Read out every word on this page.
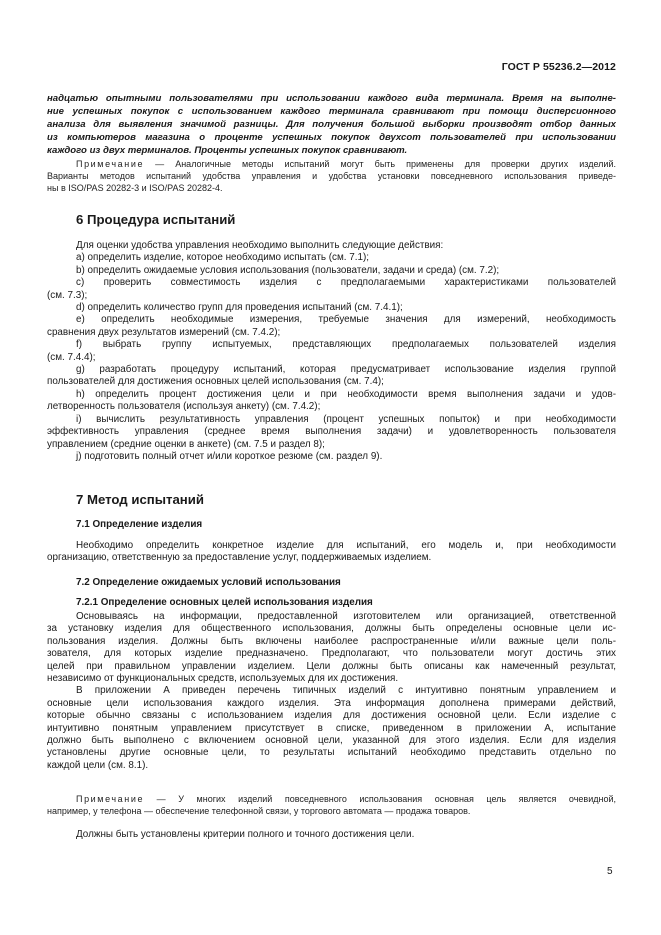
ГОСТ Р 55236.2—2012
надцатью опытными пользователями при использовании каждого вида терминала. Время на выполне-
ние успешных покупок с использованием каждого терминала сравнивают при помощи дисперсионного
анализа для выявления значимой разницы. Для получения большой выборки производят отбор данных
из компьютеров магазина о проценте успешных покупок двухсот пользователей при использовании
каждого из двух терминалов. Проценты успешных покупок сравнивают.
Примечание — Аналогичные методы испытаний могут быть применены для проверки других изделий.
Варианты методов испытаний удобства управления и удобства установки повседневного использования приведе-
ны в ISO/PAS 20282-3 и ISO/PAS 20282-4.
6 Процедура испытаний
Для оценки удобства управления необходимо выполнить следующие действия:
a) определить изделие, которое необходимо испытать (см. 7.1);
b) определить ожидаемые условия использования (пользователи, задачи и среда) (см. 7.2);
c) проверить совместимость изделия с предполагаемыми характеристиками пользователей
(см. 7.3);
d) определить количество групп для проведения испытаний (см. 7.4.1);
e) определить необходимые измерения, требуемые значения для измерений, необходимость
сравнения двух результатов измерений (см. 7.4.2);
f) выбрать группу испытуемых, представляющих предполагаемых пользователей изделия
(см. 7.4.4);
g) разработать процедуру испытаний, которая предусматривает использование изделия группой
пользователей для достижения основных целей использования (см. 7.4);
h) определить процент достижения цели и при необходимости время выполнения задачи и удов-
летворенность пользователя (используя анкету) (см. 7.4.2);
i) вычислить результативность управления (процент успешных попыток) и при необходимости
эффективность управления (среднее время выполнения задачи) и удовлетворенность пользователя
управлением (средние оценки в анкете) (см. 7.5 и раздел 8);
j) подготовить полный отчет и/или короткое резюме (см. раздел 9).
7 Метод испытаний
7.1 Определение изделия
Необходимо определить конкретное изделие для испытаний, его модель и, при необходимости
организацию, ответственную за предоставление услуг, поддерживаемых изделием.
7.2 Определение ожидаемых условий использования
7.2.1 Определение основных целей использования изделия
Основываясь на информации, предоставленной изготовителем или организацией, ответственной
за установку изделия для общественного использования, должны быть определены основные цели ис-
пользования изделия. Должны быть включены наиболее распространенные и/или важные цели поль-
зователя, для которых изделие предназначено. Предполагают, что пользователи могут достичь этих
целей при правильном управлении изделием. Цели должны быть описаны как намеченный результат,
независимо от функциональных средств, используемых для их достижения.
В приложении А приведен перечень типичных изделий с интуитивно понятным управлением и
основные цели использования каждого изделия. Эта информация дополнена примерами действий,
которые обычно связаны с использованием изделия для достижения основной цели. Если изделие с
интуитивно понятным управлением присутствует в списке, приведенном в приложении А, испытание
должно быть выполнено с включением основной цели, указанной для этого изделия. Если для изделия
установлены другие основные цели, то результаты испытаний необходимо представить отдельно по
каждой цели (см. 8.1).
Примечание — У многих изделий повседневного использования основная цель является очевидной,
например, у телефона — обеспечение телефонной связи, у торгового автомата — продажа товаров.
Должны быть установлены критерии полного и точного достижения цели.
5
